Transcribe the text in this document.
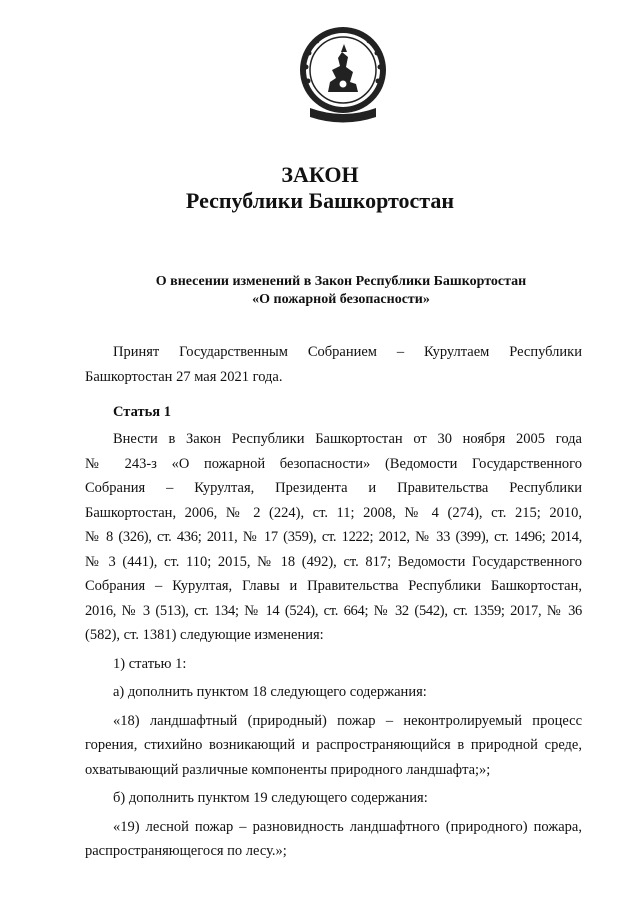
ЗАКОН
Республики Башкортостан
О внесении изменений в Закон Республики Башкортостан
«О пожарной безопасности»
Принят Государственным Собранием – Курултаем Республики
Башкортостан 27 мая 2021 года.
Статья 1
Внести в Закон Республики Башкортостан от 30 ноября 2005 года
№ 243-з «О пожарной безопасности» (Ведомости Государственного
Собрания – Курултая, Президента и Правительства Республики
Башкортостан, 2006, № 2 (224), ст. 11; 2008, № 4 (274), ст. 215; 2010,
№ 8 (326), ст. 436; 2011, № 17 (359), ст. 1222; 2012, № 33 (399), ст. 1496; 2014,
№ 3 (441), ст. 110; 2015, № 18 (492), ст. 817; Ведомости Государственного
Собрания – Курултая, Главы и Правительства Республики Башкортостан,
2016, № 3 (513), ст. 134; № 14 (524), ст. 664; № 32 (542), ст. 1359; 2017, № 36
(582), ст. 1381) следующие изменения:
1) статью 1:
а) дополнить пунктом 18 следующего содержания:
«18) ландшафтный (природный) пожар – неконтролируемый процесс
горения, стихийно возникающий и распространяющийся в природной среде,
охватывающий различные компоненты природного ландшафта;»;
б) дополнить пунктом 19 следующего содержания:
«19) лесной пожар – разновидность ландшафтного (природного) пожара,
распространяющегося по лесу.»;
